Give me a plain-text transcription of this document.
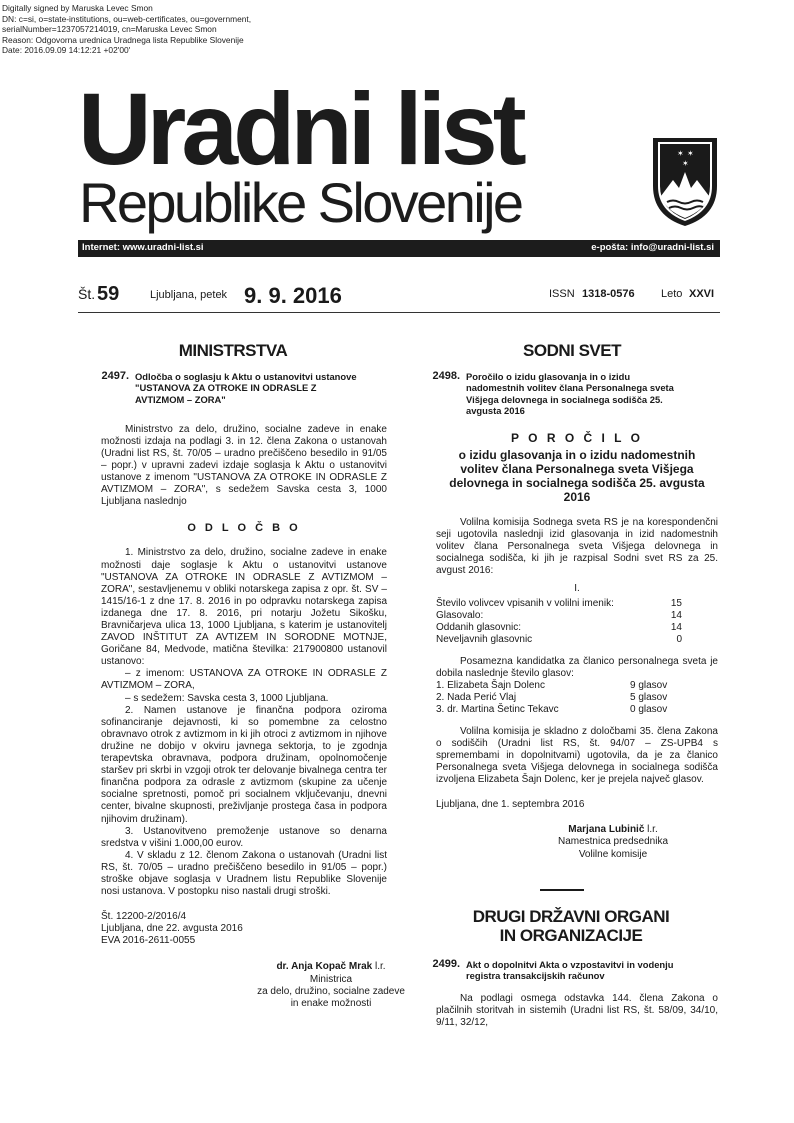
Digitally signed by Maruska Levec Smon
DN: c=si, o=state-institutions, ou=web-certificates, ou=government,
serialNumber=1237057214019, cn=Maruska Levec Smon
Reason: Odgovorna urednica Uradnega lista Republike Slovenije
Date: 2016.09.09 14:12:21 +02'00'
Uradni list
Republike Slovenije
✶ ✶
✶
Internet: www.uradni-list.si	e-pošta: info@uradni-list.si
Št. 59	Ljubljana, petek 9. 9. 2016	ISSN 1318-0576 Leto XXVI
MINISTRSTVA
2497. Odločba o soglasju k Aktu o ustanovitvi ustanove "USTANOVA ZA OTROKE IN ODRASLE Z AVTIZMOM – ZORA"

Ministrstvo za delo, družino, socialne zadeve in enake možnosti izdaja na podlagi 3. in 12. člena Zakona o ustanovah (Uradni list RS, št. 70/05 – uradno prečiščeno besedilo in 91/05 – popr.) v upravni zadevi izdaje soglasja k Aktu o ustanovitvi ustanove z imenom "USTANOVA ZA OTROKE IN ODRASLE Z AVTIZMOM – ZORA", s sedežem Savska cesta 3, 1000 Ljubljana naslednjo

O D L O Č B O

1. Ministrstvo za delo, družino, socialne zadeve in enake možnosti daje soglasje k Aktu o ustanovitvi ustanove "USTANOVA ZA OTROKE IN ODRASLE Z AVTIZMOM – ZORA", sestavljenemu v obliki notarskega zapisa z opr. št. SV – 1415/16-1 z dne 17. 8. 2016 in po odpravku notarskega zapisa izdanega dne 17. 8. 2016, pri notarju Jožetu Sikošku, Bravničarjeva ulica 13, 1000 Ljubljana, s katerim je ustanovitelj ZAVOD INŠTITUT ZA AVTIZEM IN SORODNE MOTNJE, Goričane 84, Medvode, matična številka: 217900800 ustanovil ustanovo:

– z imenom: USTANOVA ZA OTROKE IN ODRASLE Z AVTIZMOM – ZORA,

– s sedežem: Savska cesta 3, 1000 Ljubljana.

2. Namen ustanove je finančna podpora oziroma sofinanciranje dejavnosti, ki so pomembne za celostno obravnavo otrok z avtizmom in ki jih otroci z avtizmom in njihove družine ne dobijo v okviru javnega sektorja, to je zgodnja terapevtska obravnava, podpora družinam, opolnomočenje staršev pri skrbi in vzgoji otrok ter delovanje bivalnega centra ter finančna podpora za odrasle z avtizmom (skupine za učenje socialne spretnosti, pomoč pri socialnem vključevanju, dnevni center, bivalne skupnosti, preživljanje prostega časa in podpora njihovim družinam).

3. Ustanovitveno premoženje ustanove so denarna sredstva v višini 1.000,00 eurov.

4. V skladu z 12. členom Zakona o ustanovah (Uradni list RS, št. 70/05 – uradno prečiščeno besedilo in 91/05 – popr.) stroške objave soglasja v Uradnem listu Republike Slovenije nosi ustanova. V postopku niso nastali drugi stroški.

Št. 12200-2/2016/4
Ljubljana, dne 22. avgusta 2016
EVA 2016-2611-0055
dr. Anja Kopač Mrak l.r.
Ministrica
za delo, družino, socialne zadeve
in enake možnosti
SODNI SVET
2498. Poročilo o izidu glasovanja in o izidu nadomestnih volitev člana Personalnega sveta Višjega delovnega in socialnega sodišča 25. avgusta 2016
P O R O Č I L O
o izidu glasovanja in o izidu nadomestnih volitev člana Personalnega sveta Višjega delovnega in socialnega sodišča 25. avgusta 2016

Volilna komisija Sodnega sveta RS je na korespondenčni seji ugotovila naslednji izid glasovanja in izid nadomestnih volitev člana Personalnega sveta Višjega delovnega in socialnega sodišča, ki jih je razpisal Sodni svet RS za 25. avgust 2016:

I.
Število volivcev vpisanih v volilni imenik:	15
Glasovalo:	14
Oddanih glasovnic:	14
Neveljavnih glasovnic	0

Posamezna kandidatka za članico personalnega sveta je dobila naslednje število glasov:

1. Elizabeta Šajn Dolenc	9 glasov
2. Nada Perić Vlaj	5 glasov
3. dr. Martina Šetinc Tekavc	0 glasov

Volilna komisija je skladno z določbami 35. člena Zakona o sodiščih (Uradni list RS, št. 94/07 – ZS-UPB4 s spremembami in dopolnitvami) ugotovila, da je za članico Personalnega sveta Višjega delovnega in socialnega sodišča izvoljena Elizabeta Šajn Dolenc, ker je prejela največ glasov.

Ljubljana, dne 1. septembra 2016
Marjana Lubinič l.r.
Namestnica predsednika
Volilne komisije
DRUGI DRŽAVNI ORGANI
IN ORGANIZACIJE
2499. Akt o dopolnitvi Akta o vzpostavitvi in vodenju registra transakcijskih računov

Na podlagi osmega odstavka 144. člena Zakona o plačilnih storitvah in sistemih (Uradni list RS, št. 58/09, 34/10, 9/11, 32/12,
